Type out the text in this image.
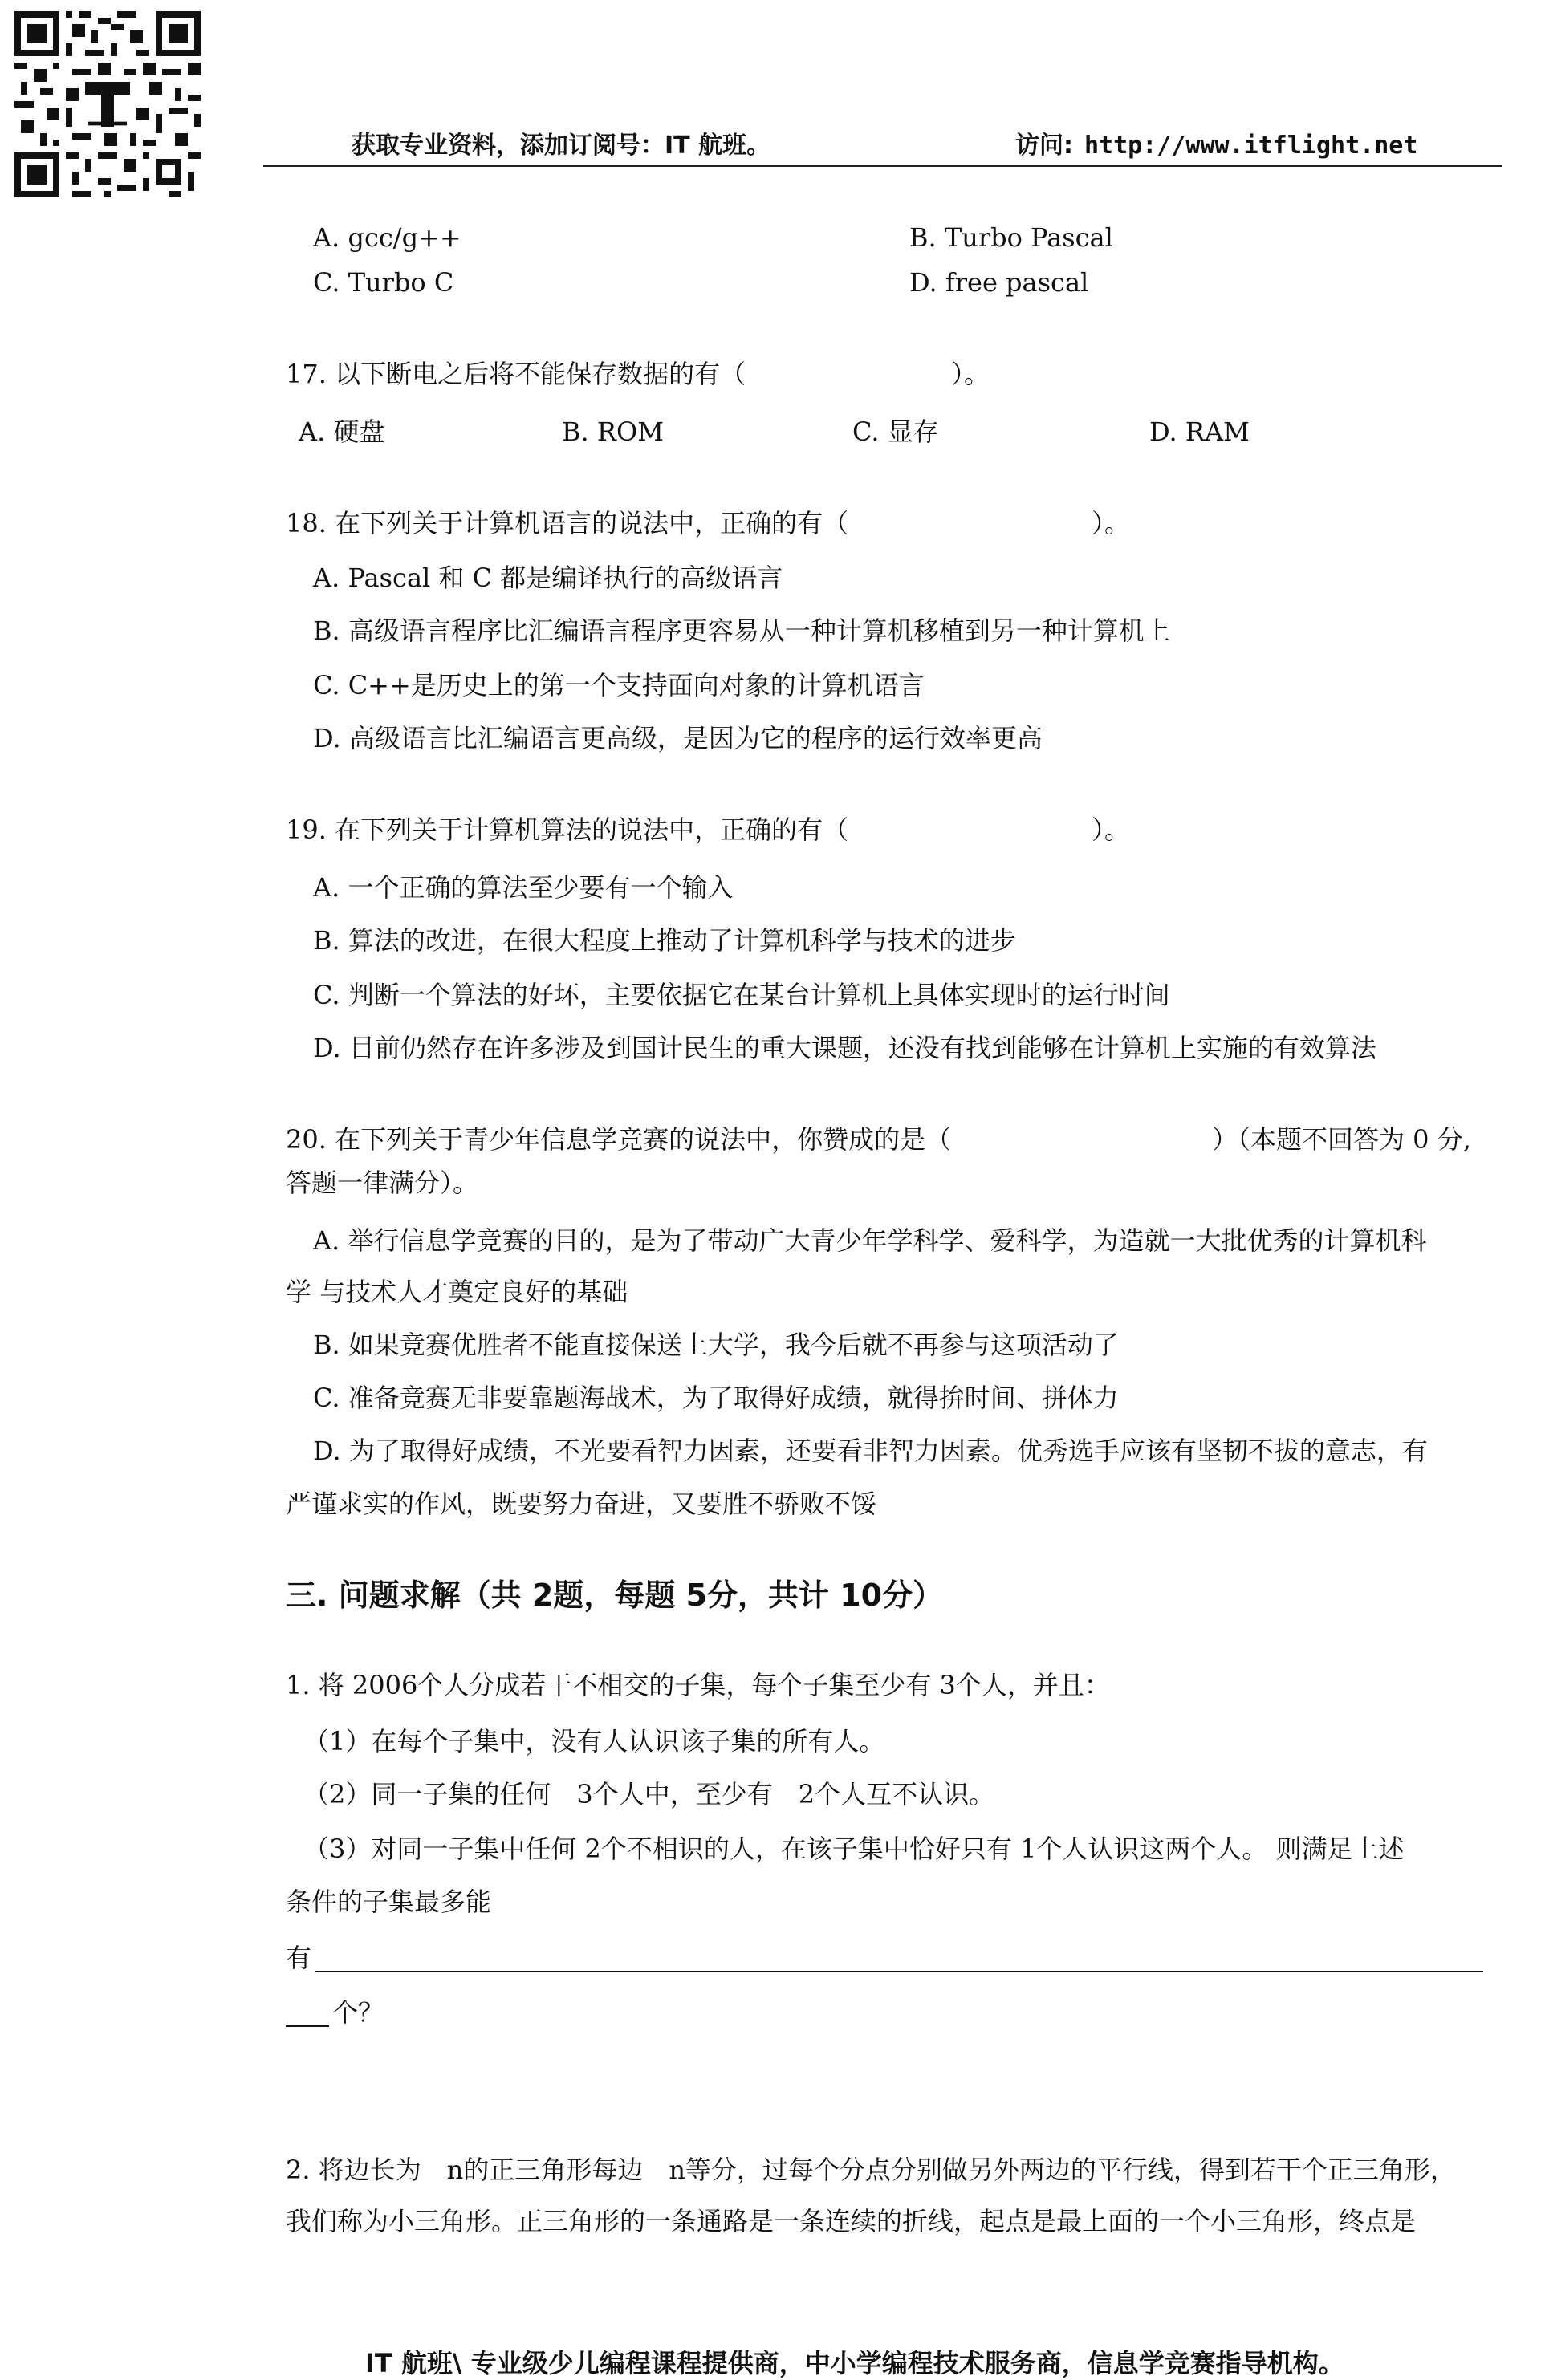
获取专业资料，添加订阅号：IT 航班。	访问: http://www.itflight.net
A. gcc/g++	B. Turbo Pascal
C. Turbo C	D. free pascal
17. 以下断电之后将不能保存数据的有（	）。
A. 硬盘	B. ROM	C. 显存	D. RAM
18. 在下列关于计算机语言的说法中，正确的有（	）。
A. Pascal 和 C 都是编译执行的高级语言
B. 高级语言程序比汇编语言程序更容易从一种计算机移植到另一种计算机上
C. C++是历史上的第一个支持面向对象的计算机语言
D. 高级语言比汇编语言更高级，是因为它的程序的运行效率更高
19. 在下列关于计算机算法的说法中，正确的有（	）。
A. 一个正确的算法至少要有一个输入
B. 算法的改进，在很大程度上推动了计算机科学与技术的进步
C. 判断一个算法的好坏，主要依据它在某台计算机上具体实现时的运行时间
D. 目前仍然存在许多涉及到国计民生的重大课题，还没有找到能够在计算机上实施的有效算法
20. 在下列关于青少年信息学竞赛的说法中，你赞成的是（	）（本题不回答为 0 分,
答题一律满分）。
A. 举行信息学竞赛的目的，是为了带动广大青少年学科学、爱科学，为造就一大批优秀的计算机科
学 与技术人才奠定良好的基础
B. 如果竞赛优胜者不能直接保送上大学，我今后就不再参与这项活动了
C. 准备竞赛无非要靠题海战术，为了取得好成绩，就得拚时间、拼体力
D. 为了取得好成绩，不光要看智力因素，还要看非智力因素。优秀选手应该有坚韧不拔的意志，有
严谨求实的作风，既要努力奋进，又要胜不骄败不馁
三. 问题求解（共 2题，每题 5分，共计 10分）
1. 将 2006个人分成若干不相交的子集，每个子集至少有 3个人，并且：
（1）在每个子集中，没有人认识该子集的所有人。
（2）同一子集的任何　3个人中，至少有　2个人互不认识。
（3）对同一子集中任何 2个不相识的人，在该子集中恰好只有 1个人认识这两个人。 则满足上述
条件的子集最多能
有
个？
2. 将边长为　n的正三角形每边　n等分，过每个分点分别做另外两边的平行线，得到若干个正三角形，
我们称为小三角形。正三角形的一条通路是一条连续的折线，起点是最上面的一个小三角形，终点是
IT 航班\ 专业级少儿编程课程提供商，中小学编程技术服务商，信息学竞赛指导机构。
